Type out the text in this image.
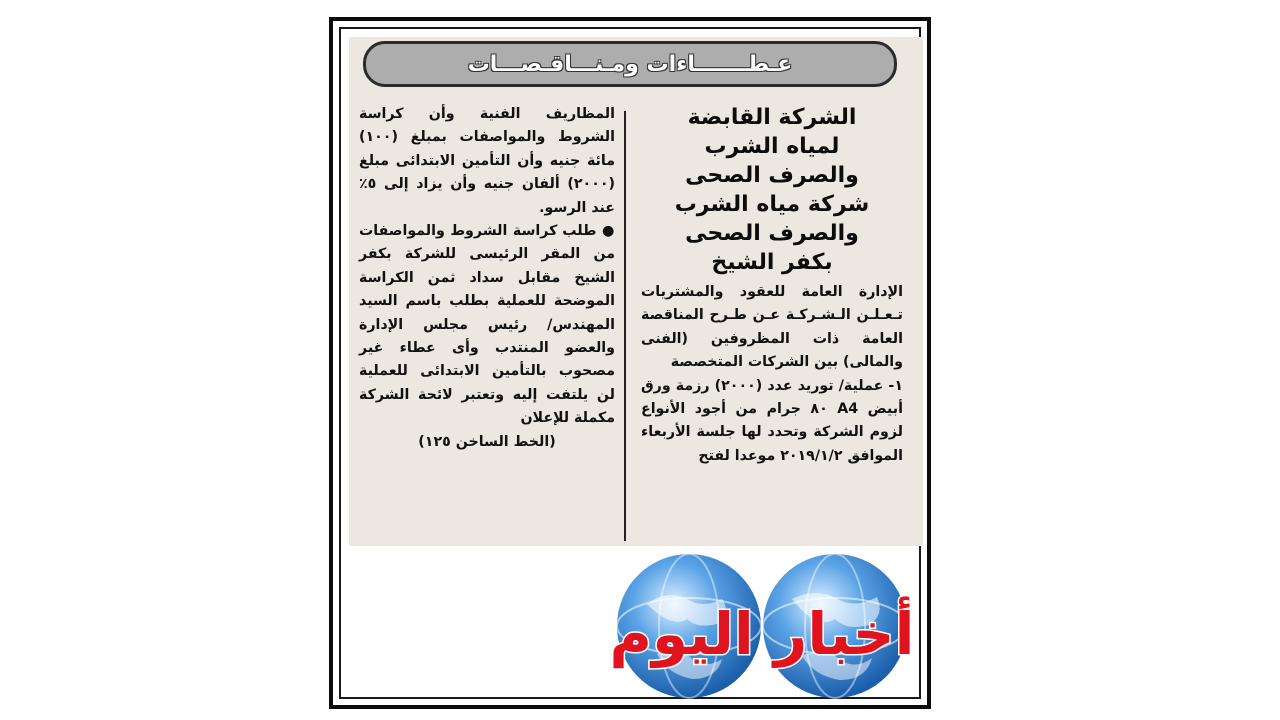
عـطـــــــاءات ومـنـــاقـصـــات
الشركة القابضة
لمياه الشرب
والصرف الصحى
شركة مياه الشرب
والصرف الصحى
بكفر الشيخ

الإدارة العامة للعقود والمشتريات تـعـلـن الـشـركـة عـن طـرح المناقصة العامة ذات المظروفين (الفنى والمالى) بين الشركات المتخصصة

١- عملية/ توريد عدد (٢٠٠٠) رزمة ورق أبيض A4 ٨٠ جرام من أجود الأنواع لزوم الشركة وتحدد لها جلسة الأربعاء الموافق ٢٠١٩/١/٢ موعدا لفتح

المظاريف الفنية وأن كراسة الشروط والمواصفات بمبلغ (١٠٠) مائة جنيه وأن التأمين الابتدائى مبلغ (٢٠٠٠) ألفان جنيه وأن يزاد إلى ٥٪ عند الرسو.

● طلب كراسة الشروط والمواصفات من المقر الرئيسى للشركة بكفر الشيخ مقابل سداد ثمن الكراسة الموضحة للعملية بطلب باسم السيد المهندس/ رئيس مجلس الإدارة والعضو المنتدب وأى عطاء غير مصحوب بالتأمين الابتدائى للعملية لن يلتفت إليه وتعتبر لائحة الشركة مكملة للإعلان

(الخط الساخن ١٢٥)

أخبار اليوم
